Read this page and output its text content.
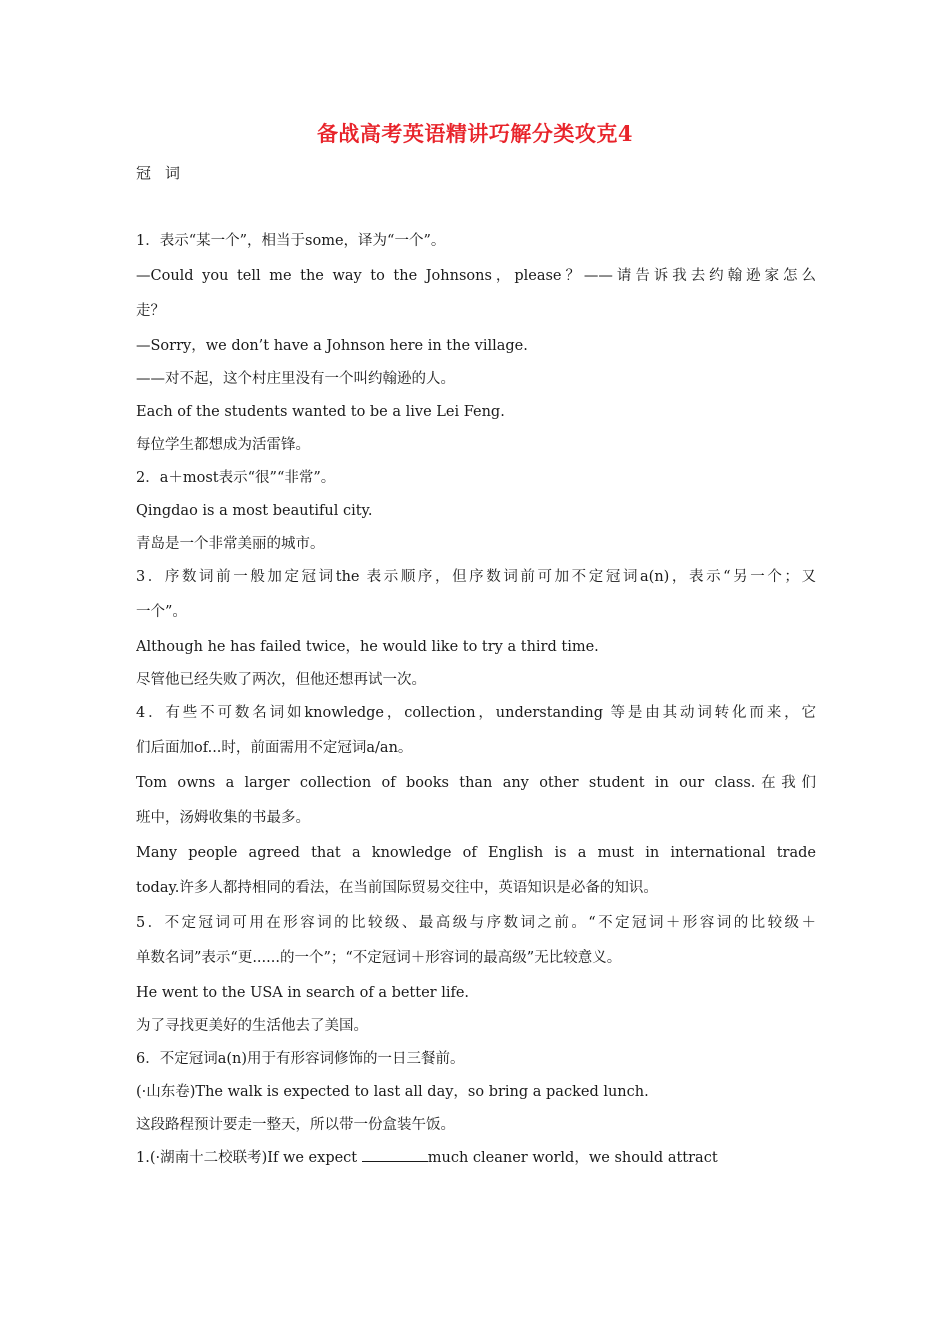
备战高考英语精讲巧解分类攻克4
冠词
1．表示“某一个”，相当于some，译为“一个”。
—Could you tell me the way to the Johnsons，please？——请告诉我去约翰逊家怎么
走？
—Sorry，we don’t have a Johnson here in the village.
——对不起，这个村庄里没有一个叫约翰逊的人。
Each of the students wanted to be a live Lei Feng.
每位学生都想成为活雷锋。
2．a＋most表示“很”“非常”。
Qingdao is a most beautiful city.
青岛是一个非常美丽的城市。
3．序数词前一般加定冠词the 表示顺序，但序数词前可加不定冠词a(n)，表示“另一个；又
一个”。
Although he has failed twice，he would like to try a third time.
尽管他已经失败了两次，但他还想再试一次。
4．有些不可数名词如knowledge，collection，understanding 等是由其动词转化而来，它
们后面加of...时，前面需用不定冠词a/an。
Tom owns a larger collection of books than any other student in our class.在我们
班中，汤姆收集的书最多。
Many people agreed that a knowledge of English is a must in international trade
today.许多人都持相同的看法，在当前国际贸易交往中，英语知识是必备的知识。
5．不定冠词可用在形容词的比较级、最高级与序数词之前。“不定冠词＋形容词的比较级＋
单数名词”表示“更......的一个”；“不定冠词＋形容词的最高级”无比较意义。
He went to the USA in search of a better life.
为了寻找更美好的生活他去了美国。
6．不定冠词a(n)用于有形容词修饰的一日三餐前。
(·山东卷)The walk is expected to last all day，so bring a packed lunch.
这段路程预计要走一整天，所以带一份盒装午饭。
1.(·湖南十二校联考)If we expect	much cleaner world，we should attract
